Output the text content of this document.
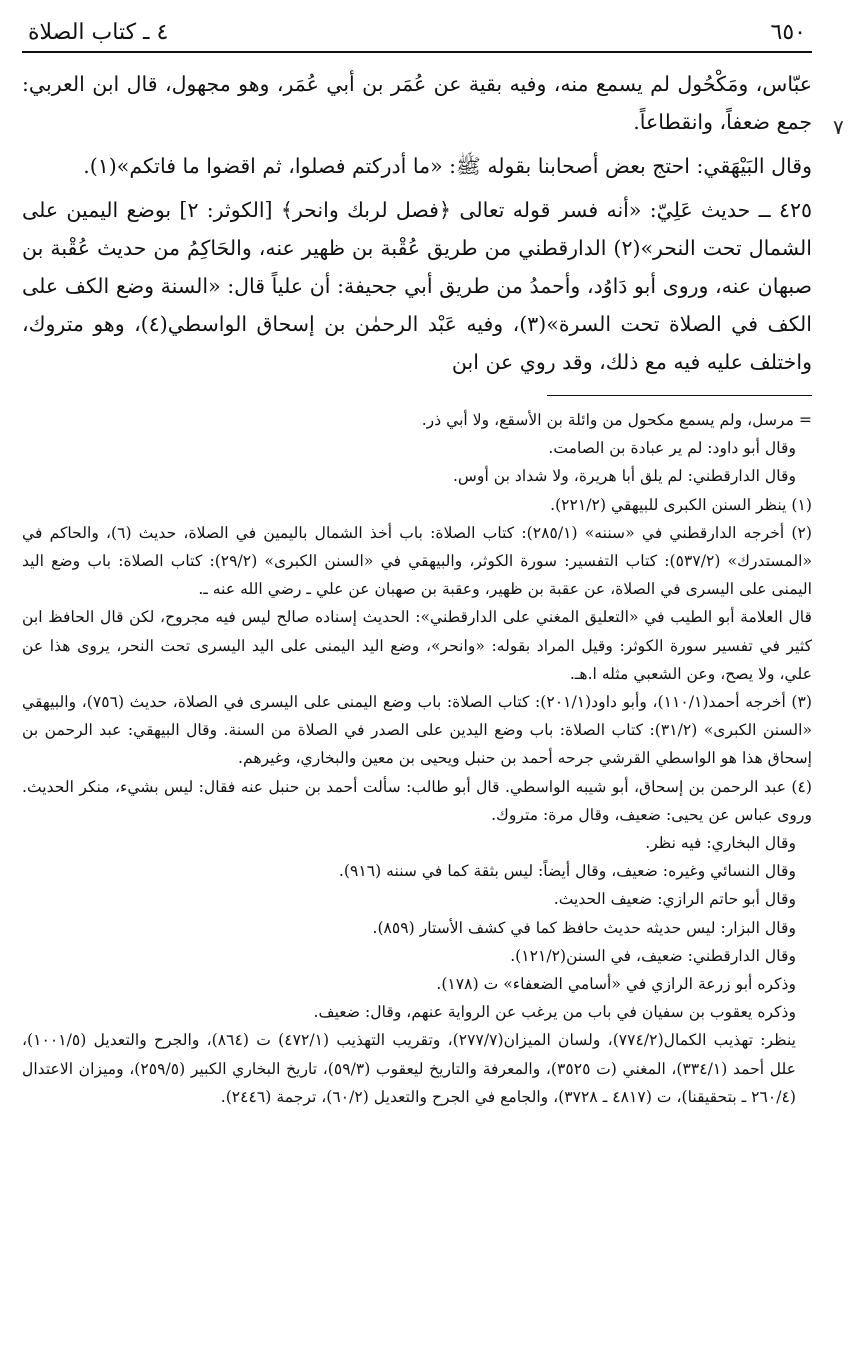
٦٥٠
٤ ـ كتاب الصلاة

عبّاس، ومَكْحُول لم يسمع منه، وفيه بقية عن عُمَر بن أبي عُمَر، وهو مجهول، قال ابن العربي: جمع ضعفاً، وانقطاعاً.

وقال البَيْهَقي: احتج بعض أصحابنا بقوله ﷺ: «ما أدركتم فصلوا، ثم اقضوا ما فاتكم»(١).

٤٢٥ ــ حديث عَلِيّ: «أنه فسر قوله تعالى ﴿فصل لربك وانحر﴾ [الكوثر: ٢] بوضع اليمين على الشمال تحت النحر»(٢) الدارقطني من طريق عُقْبة بن ظهير عنه، والحَاكِمُ من حديث عُقْبة بن صبهان عنه، وروى أبو دَاوُد، وأحمدُ من طريق أبي جحيفة: أن علياً قال: «السنة وضع الكف على الكف في الصلاة تحت السرة»(٣)، وفيه عَبْد الرحمٰن بن إسحاق الواسطي(٤)، وهو متروك، واختلف عليه فيه مع ذلك، وقد روي عن ابن

= مرسل، ولم يسمع مكحول من وائلة بن الأسقع، ولا أبي ذر.

وقال أبو داود: لم ير عبادة بن الصامت.

وقال الدارقطني: لم يلق أبا هريرة، ولا شداد بن أوس.

(١) ينظر السنن الكبرى للبيهقي (٢٢١/٢).

(٢) أخرجه الدارقطني في «سننه» (٢٨٥/١): كتاب الصلاة: باب أخذ الشمال باليمين في الصلاة، حديث (٦)، والحاكم في «المستدرك» (٥٣٧/٢): كتاب التفسير: سورة الكوثر، والبيهقي في «السنن الكبرى» (٢٩/٢): كتاب الصلاة: باب وضع اليد اليمنى على اليسرى في الصلاة، عن عقبة بن ظهير، وعقبة بن صهبان عن علي ـ رضي الله عنه ـ.

قال العلامة أبو الطيب في «التعليق المغني على الدارقطني»: الحديث إسناده صالح ليس فيه مجروح، لكن قال الحافظ ابن كثير في تفسير سورة الكوثر: وقيل المراد بقوله: «وانحر»، وضع اليد اليمنى على اليد اليسرى تحت النحر، يروى هذا عن علي، ولا يصح، وعن الشعبي مثله ا.هـ.

(٣) أخرجه أحمد(١١٠/١)، وأبو داود(٢٠١/١): كتاب الصلاة: باب وضع اليمنى على اليسرى في الصلاة، حديث (٧٥٦)، والبيهقي «السنن الكبرى» (٣١/٢): كتاب الصلاة: باب وضع اليدين على الصدر في الصلاة من السنة. وقال البيهقي: عبد الرحمن بن إسحاق هذا هو الواسطي القرشي جرحه أحمد بن حنبل ويحيى بن معين والبخاري، وغيرهم.

(٤) عبد الرحمن بن إسحاق، أبو شيبه الواسطي. قال أبو طالب: سألت أحمد بن حنبل عنه فقال: ليس بشيء، منكر الحديث. وروى عباس عن يحيى: ضعيف، وقال مرة: متروك.

وقال البخاري: فيه نظر.

وقال النسائي وغيره: ضعيف، وقال أيضاً: ليس بثقة كما في سننه (٩١٦).

وقال أبو حاتم الرازي: ضعيف الحديث.

وقال البزار: ليس حديثه حديث حافظ كما في كشف الأستار (٨٥٩).

وقال الدارقطني: ضعيف، في السنن(١٢١/٢).

وذكره أبو زرعة الرازي في «أسامي الضعفاء» ت (١٧٨).

وذكره يعقوب بن سفيان في باب من يرغب عن الرواية عنهم، وقال: ضعيف.

ينظر: تهذيب الكمال(٧٧٤/٢)، ولسان الميزان(٢٧٧/٧)، وتقريب التهذيب (٤٧٢/١) ت (٨٦٤)، والجرح والتعديل (١٠٠١/٥)، علل أحمد (٣٣٤/١)، المغني (ت ٣٥٢٥)، والمعرفة والتاريخ ليعقوب (٥٩/٣)، تاريخ البخاري الكبير (٢٥٩/٥)، وميزان الاعتدال (٢٦٠/٤ ـ بتحقيقنا)، ت (٤٨١٧ ـ ٣٧٢٨)، والجامع في الجرح والتعديل (٦٠/٢)، ترجمة (٢٤٤٦).

٧
